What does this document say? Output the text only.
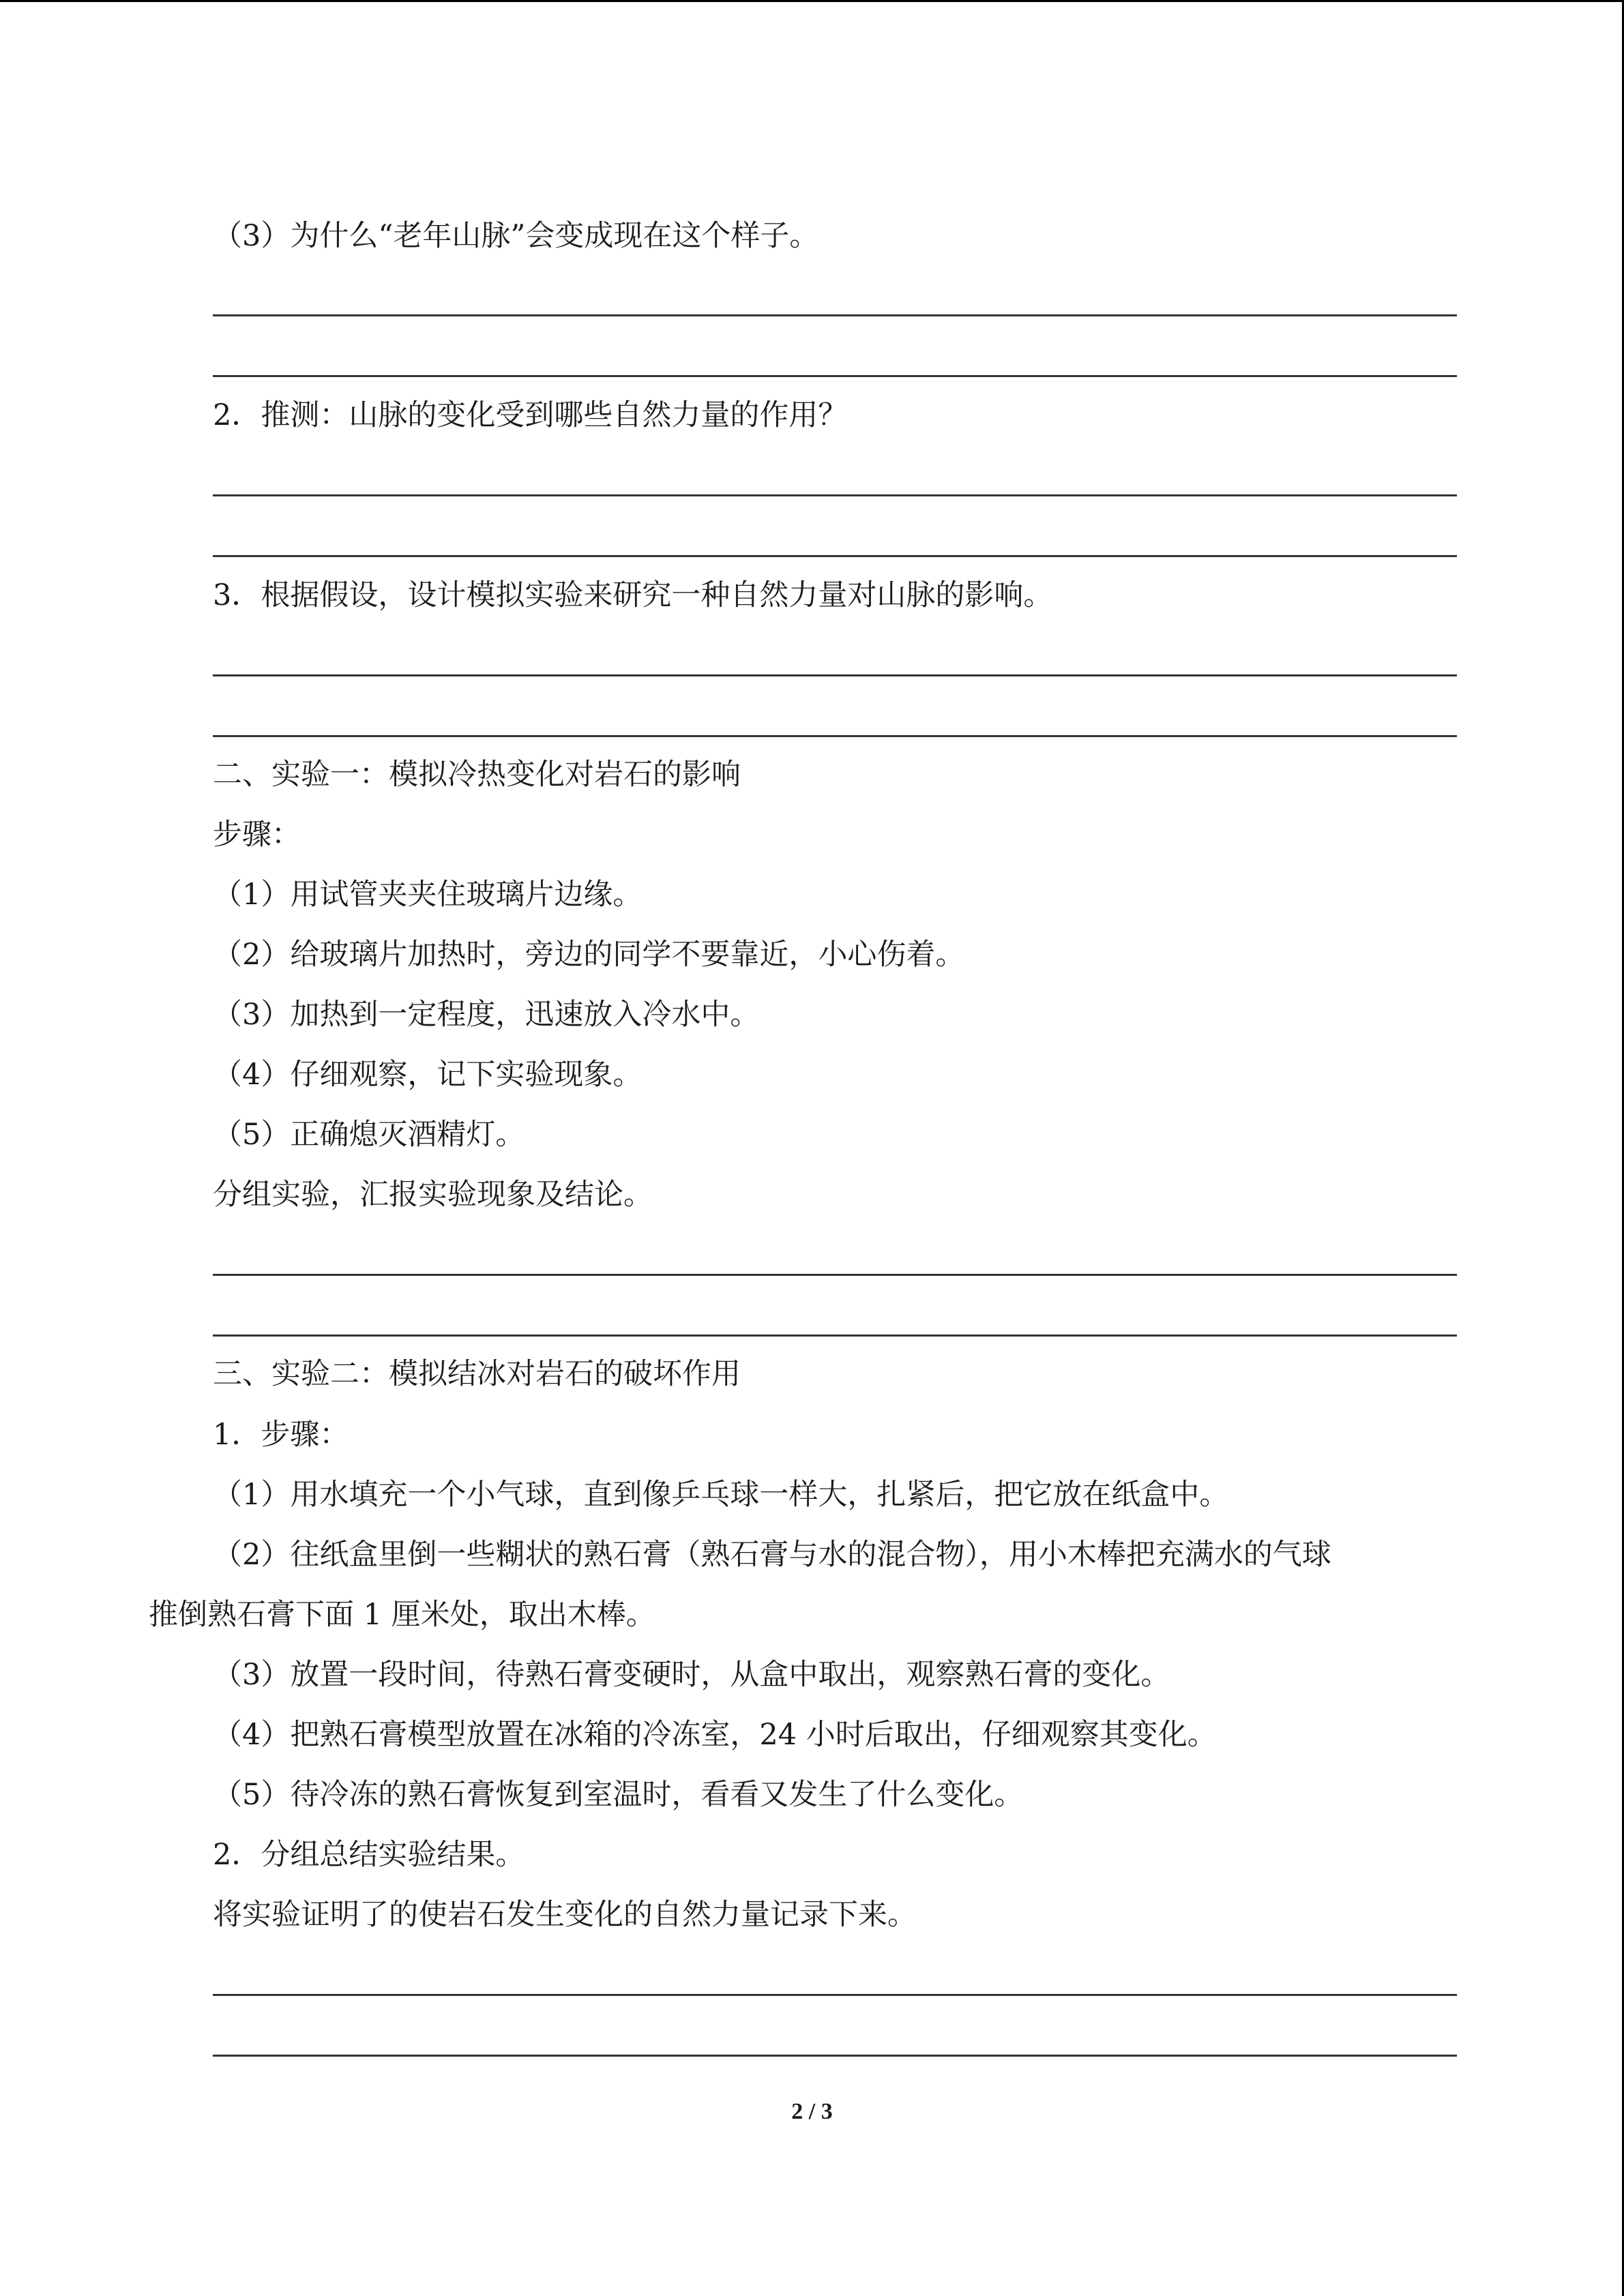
（3）为什么“老年山脉”会变成现在这个样子。
2．推测：山脉的变化受到哪些自然力量的作用？
3．根据假设，设计模拟实验来研究一种自然力量对山脉的影响。
二、实验一：模拟冷热变化对岩石的影响
步骤：
（1）用试管夹夹住玻璃片边缘。
（2）给玻璃片加热时，旁边的同学不要靠近，小心伤着。
（3）加热到一定程度，迅速放入冷水中。
（4）仔细观察，记下实验现象。
（5）正确熄灭酒精灯。
分组实验，汇报实验现象及结论。
三、实验二：模拟结冰对岩石的破坏作用
1．步骤：
（1）用水填充一个小气球，直到像乒乓球一样大，扎紧后，把它放在纸盒中。
（2）往纸盒里倒一些糊状的熟石膏（熟石膏与水的混合物），用小木棒把充满水的气球
推倒熟石膏下面 1 厘米处，取出木棒。
（3）放置一段时间，待熟石膏变硬时，从盒中取出，观察熟石膏的变化。
（4）把熟石膏模型放置在冰箱的冷冻室，24 小时后取出，仔细观察其变化。
（5）待冷冻的熟石膏恢复到室温时，看看又发生了什么变化。
2．分组总结实验结果。
将实验证明了的使岩石发生变化的自然力量记录下来。
2 / 3
